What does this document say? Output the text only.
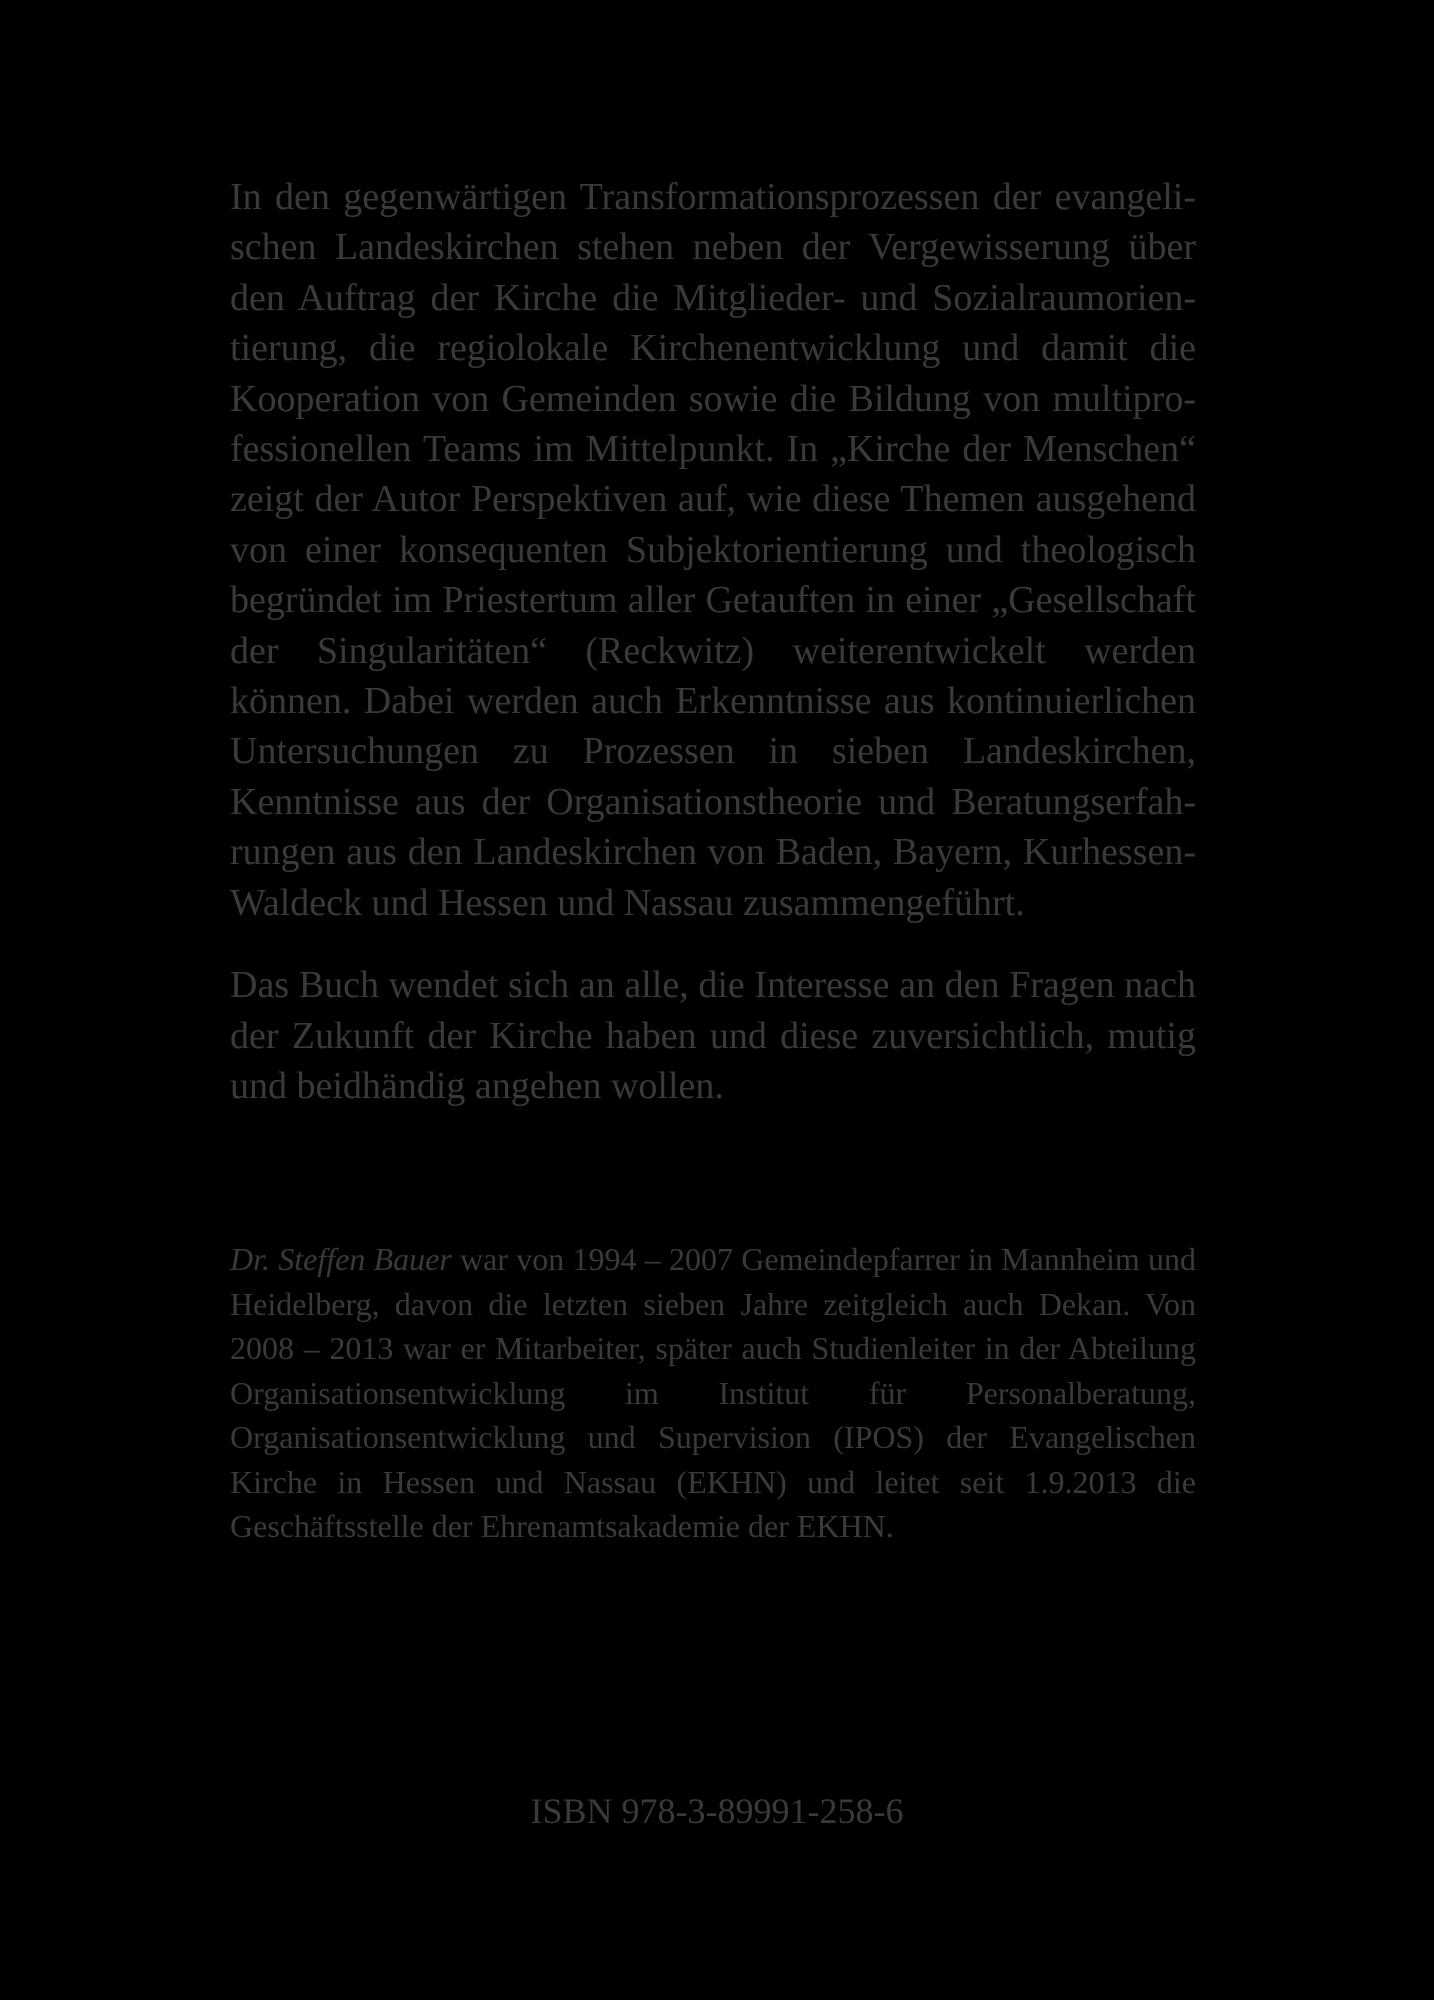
In den gegenwärtigen Transformationsprozessen der evangelischen Landeskirchen stehen neben der Vergewisserung über den Auftrag der Kirche die Mitglieder- und Sozialraumorientierung, die regiolokale Kirchenentwicklung und damit die Kooperation von Gemeinden sowie die Bildung von multiprofessionellen Teams im Mittelpunkt. In „Kirche der Menschen“ zeigt der Autor Perspektiven auf, wie diese Themen ausgehend von einer konsequenten Subjektorientierung und theologisch begründet im Priestertum aller Getauften in einer „Gesellschaft der Singularitäten“ (Reckwitz) weiterentwickelt werden können. Dabei werden auch Erkenntnisse aus kontinuierlichen Untersuchungen zu Prozessen in sieben Landeskirchen, Kenntnisse aus der Organisationstheorie und Beratungserfahrungen aus den Landeskirchen von Baden, Bayern, Kurhessen-Waldeck und Hessen und Nassau zusammengeführt.

Das Buch wendet sich an alle, die Interesse an den Fragen nach der Zukunft der Kirche haben und diese zuversichtlich, mutig und beidhändig angehen wollen.

Dr. Steffen Bauer war von 1994 – 2007 Gemeindepfarrer in Mannheim und Heidelberg, davon die letzten sieben Jahre zeitgleich auch Dekan. Von 2008 – 2013 war er Mitarbeiter, später auch Studienleiter in der Abteilung Organisationsentwicklung im Institut für Personalberatung, Organisationsentwicklung und Supervision (IPOS) der Evangelischen Kirche in Hessen und Nassau (EKHN) und leitet seit 1.9.2013 die Geschäftsstelle der Ehrenamtsakademie der EKHN.

ISBN 978-3-89991-258-6
